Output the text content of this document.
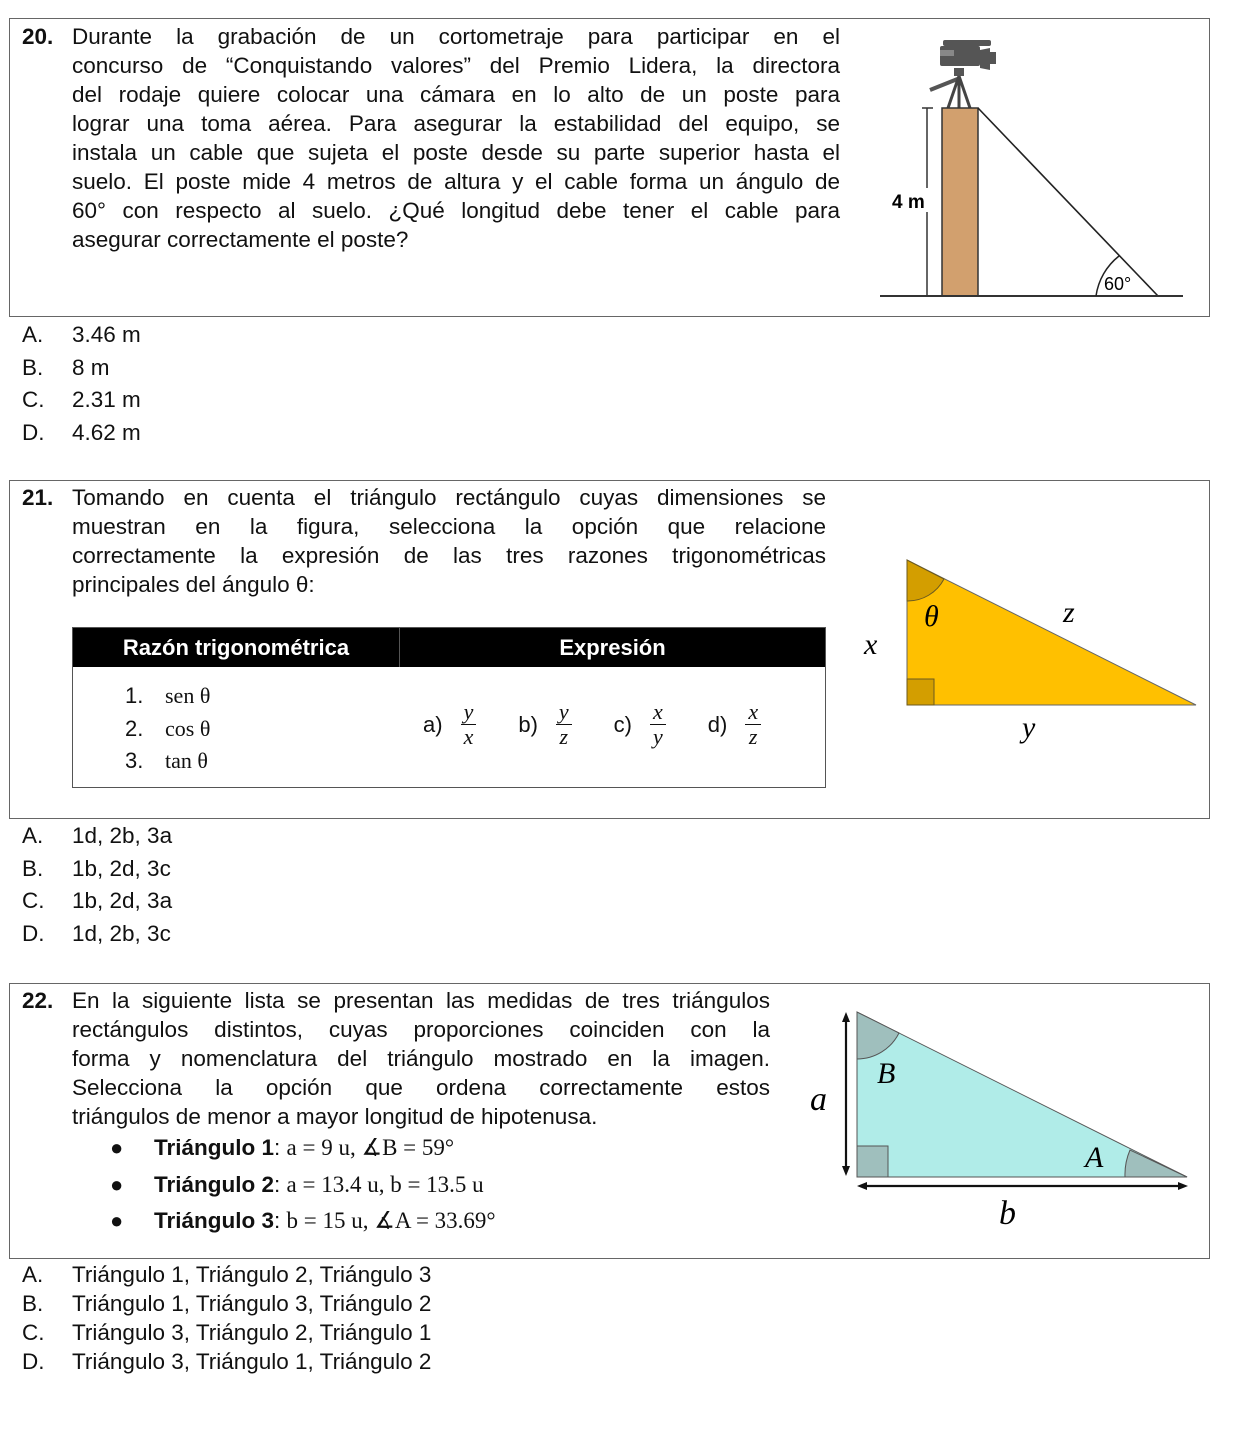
20. Durante la grabación de un cortometraje para participar en el
concurso de “Conquistando valores” del Premio Lidera, la directora
del rodaje quiere colocar una cámara en lo alto de un poste para
lograr una toma aérea. Para asegurar la estabilidad del equipo, se
instala un cable que sujeta el poste desde su parte superior hasta el
suelo. El poste mide 4 metros de altura y el cable forma un ángulo de
60° con respecto al suelo. ¿Qué longitud debe tener el cable para
asegurar correctamente el poste?
4 m
60°
A. 3.46 m
B. 8 m
C. 2.31 m
D. 4.62 m
21. Tomando en cuenta el triángulo rectángulo cuyas dimensiones se
muestran en la figura, selecciona la opción que relacione
correctamente la expresión de las tres razones trigonométricas
principales del ángulo θ:
Razón trigonométrica	Expresión
1. sen θ
2. cos θ
3. tan θ
$a) \frac{y}{x} b) \frac{y}{z} c) \frac{x}{y} d) \frac{x}{z}$
θ	z
x
y
A. 1d, 2b, 3a
B. 1b, 2d, 3c
C. 1b, 2d, 3a
D. 1d, 2b, 3c
22. En la siguiente lista se presentan las medidas de tres triángulos
rectángulos distintos, cuyas proporciones coinciden con la
forma y nomenclatura del triángulo mostrado en la imagen.
Selecciona la opción que ordena correctamente estos
triángulos de menor a mayor longitud de hipotenusa.
● Triángulo 1: a = 9 u, ∡B = 59°
● Triángulo 2: a = 13.4 u, b = 13.5 u
● Triángulo 3: b = 15 u, ∡A = 33.69°
B
A
a
b
A. Triángulo 1, Triángulo 2, Triángulo 3
B. Triángulo 1, Triángulo 3, Triángulo 2
C. Triángulo 3, Triángulo 2, Triángulo 1
D. Triángulo 3, Triángulo 1, Triángulo 2
